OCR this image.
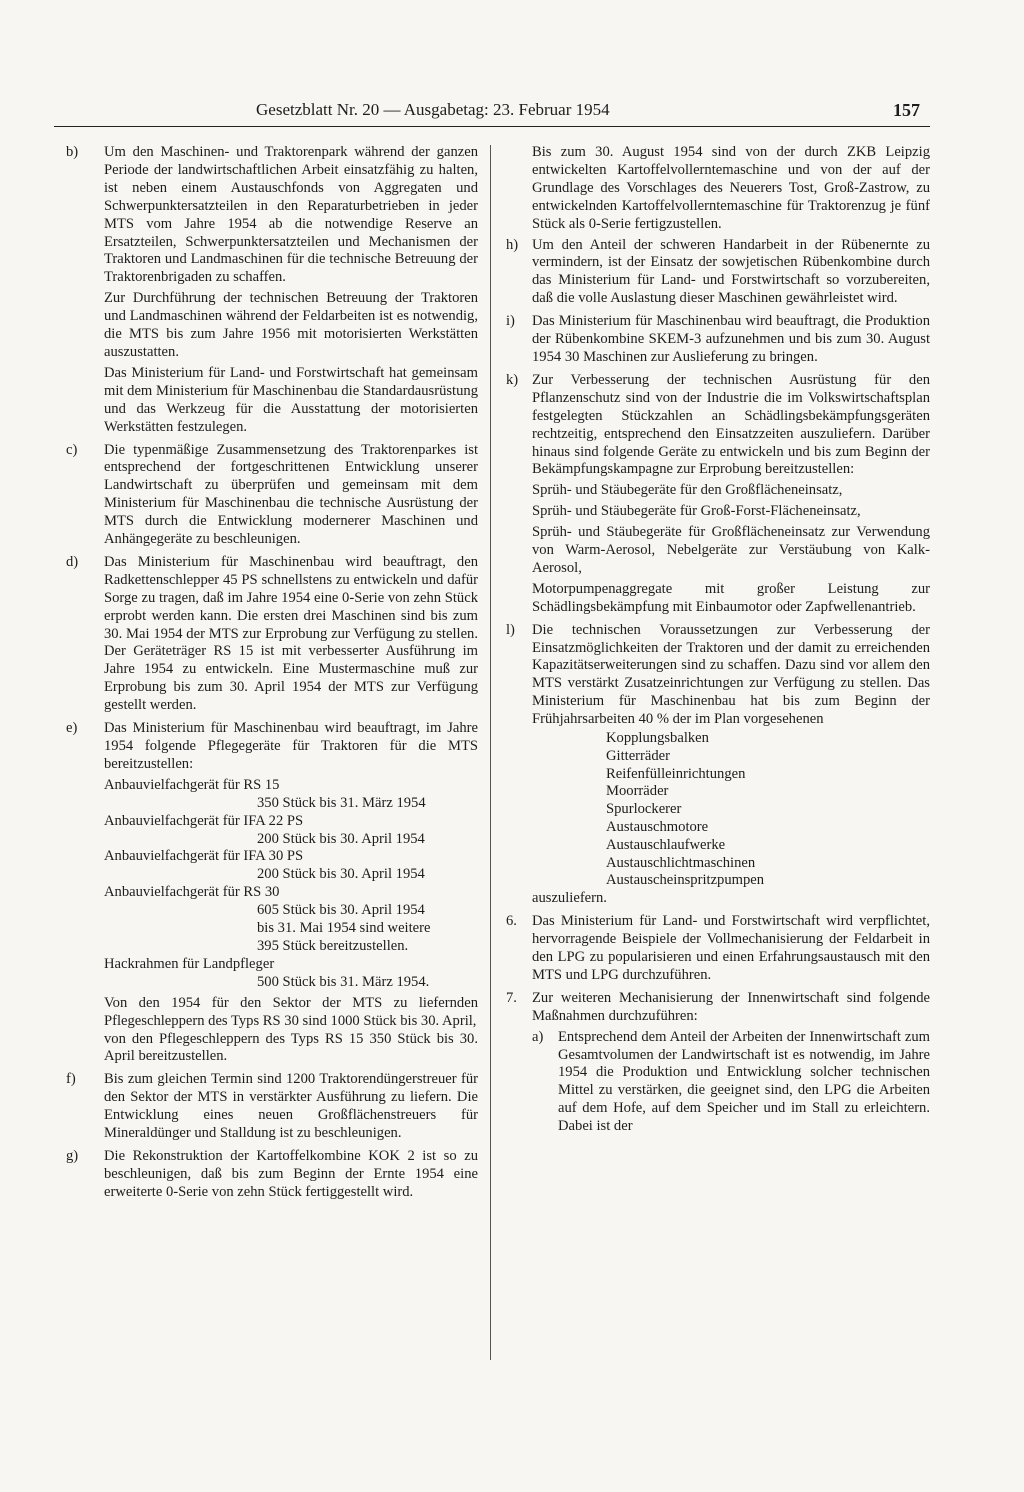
Gesetzblatt Nr. 20 — Ausgabetag: 23. Februar 1954	157
b)	Um den Maschinen- und Traktorenpark während der ganzen Periode der landwirtschaftlichen Arbeit einsatzfähig zu halten, ist neben einem Austauschfonds von Aggregaten und Schwerpunktersatzteilen in den Reparaturbetrieben in jeder MTS vom Jahre 1954 ab die notwendige Reserve an Ersatzteilen, Schwerpunktersatzteilen und Mechanismen der Traktoren und Landmaschinen für die technische Betreuung der Traktorenbrigaden zu schaffen.

Zur Durchführung der technischen Betreuung der Traktoren und Landmaschinen während der Feldarbeiten ist es notwendig, die MTS bis zum Jahre 1956 mit motorisierten Werkstätten auszustatten.

Das Ministerium für Land- und Forstwirtschaft hat gemeinsam mit dem Ministerium für Maschinenbau die Standardausrüstung und das Werkzeug für die Ausstattung der motorisierten Werkstätten festzulegen.

c)	Die typenmäßige Zusammensetzung des Traktorenparkes ist entsprechend der fortgeschrittenen Entwicklung unserer Landwirtschaft zu überprüfen und gemeinsam mit dem Ministerium für Maschinenbau die technische Ausrüstung der MTS durch die Entwicklung modernerer Maschinen und Anhängegeräte zu beschleunigen.

d)	Das Ministerium für Maschinenbau wird beauftragt, den Radkettenschlepper 45 PS schnellstens zu entwickeln und dafür Sorge zu tragen, daß im Jahre 1954 eine 0-Serie von zehn Stück erprobt werden kann. Die ersten drei Maschinen sind bis zum 30. Mai 1954 der MTS zur Erprobung zur Verfügung zu stellen. Der Geräteträger RS 15 ist mit verbesserter Ausführung im Jahre 1954 zu entwickeln. Eine Mustermaschine muß zur Erprobung bis zum 30. April 1954 der MTS zur Verfügung gestellt werden.

e)	Das Ministerium für Maschinenbau wird beauftragt, im Jahre 1954 folgende Pflegegeräte für Traktoren für die MTS bereitzustellen:

Anbauvielfachgerät für RS 15
350 Stück bis 31. März 1954
Anbauvielfachgerät für IFA 22 PS
200 Stück bis 30. April 1954
Anbauvielfachgerät für IFA 30 PS
200 Stück bis 30. April 1954
Anbauvielfachgerät für RS 30
605 Stück bis 30. April 1954
bis 31. Mai 1954 sind weitere
395 Stück bereitzustellen.
Hackrahmen für Landpfleger
500 Stück bis 31. März 1954.

Von den 1954 für den Sektor der MTS zu liefernden Pflegeschleppern des Typs RS 30 sind 1000 Stück bis 30. April,

von den Pflegeschleppern des Typs RS 15 350 Stück bis 30. April bereitzustellen.

f)	Bis zum gleichen Termin sind 1200 Traktorendüngerstreuer für den Sektor der MTS in verstärkter Ausführung zu liefern. Die Entwicklung eines neuen Großflächenstreuers für Mineraldünger und Stalldung ist zu beschleunigen.

g)	Die Rekonstruktion der Kartoffelkombine KOK 2 ist so zu beschleunigen, daß bis zum Beginn der Ernte 1954 eine erweiterte 0-Serie von zehn Stück fertiggestellt wird.

Bis zum 30. August 1954 sind von der durch ZKB Leipzig entwickelten Kartoffelvollerntemaschine und von der auf der Grundlage des Vorschlages des Neuerers Tost, Groß-Zastrow, zu entwickelnden Kartoffelvollerntemaschine für Traktorenzug je fünf Stück als 0-Serie fertigzustellen.

h) Um den Anteil der schweren Handarbeit in der Rübenernte zu vermindern, ist der Einsatz der sowjetischen Rübenkombine durch das Ministerium für Land- und Forstwirtschaft so vorzubereiten, daß die volle Auslastung dieser Maschinen gewährleistet wird.

i)	Das Ministerium für Maschinenbau wird beauftragt, die Produktion der Rübenkombine SKEM-3 aufzunehmen und bis zum 30. August 1954 30 Maschinen zur Auslieferung zu bringen.

k) Zur Verbesserung der technischen Ausrüstung für den Pflanzenschutz sind von der Industrie die im Volkswirtschaftsplan festgelegten Stückzahlen an Schädlingsbekämpfungsgeräten rechtzeitig, entsprechend den Einsatzzeiten auszuliefern. Darüber hinaus sind folgende Geräte zu entwickeln und bis zum Beginn der Bekämpfungskampagne zur Erprobung bereitzustellen:

Sprüh- und Stäubegeräte für den Großflächeneinsatz,

Sprüh- und Stäubegeräte für Groß-Forst-Flächeneinsatz,

Sprüh- und Stäubegeräte für Großflächeneinsatz zur Verwendung von Warm-Aerosol, Nebelgeräte zur Verstäubung von Kalk-Aerosol,

Motorpumpenaggregate mit großer Leistung zur Schädlingsbekämpfung mit Einbaumotor oder Zapfwellenantrieb.

l)	Die technischen Voraussetzungen zur Verbesserung der Einsatzmöglichkeiten der Traktoren und der damit zu erreichenden Kapazitätserweiterungen sind zu schaffen. Dazu sind vor allem den MTS verstärkt Zusatzeinrichtungen zur Verfügung zu stellen. Das Ministerium für Maschinenbau hat bis zum Beginn der Frühjahrsarbeiten 40 % der im Plan vorgesehenen

Kopplungsbalken
Gitterräder
Reifenfülleinrichtungen
Moorräder
Spurlockerer
Austauschmotore
Austauschlaufwerke
Austauschlichtmaschinen
Austauscheinspritzpumpen

auszuliefern.

6.	Das Ministerium für Land- und Forstwirtschaft wird verpflichtet, hervorragende Beispiele der Vollmechanisierung der Feldarbeit in den LPG zu popularisieren und einen Erfahrungsaustausch mit den MTS und LPG durchzuführen.

7.	Zur weiteren Mechanisierung der Innenwirtschaft sind folgende Maßnahmen durchzuführen:

a)	Entsprechend dem Anteil der Arbeiten der Innenwirtschaft zum Gesamtvolumen der Landwirtschaft ist es notwendig, im Jahre 1954 die Produktion und Entwicklung solcher technischen Mittel zu verstärken, die geeignet sind, den LPG die Arbeiten auf dem Hofe, auf dem Speicher und im Stall zu erleichtern. Dabei ist der
